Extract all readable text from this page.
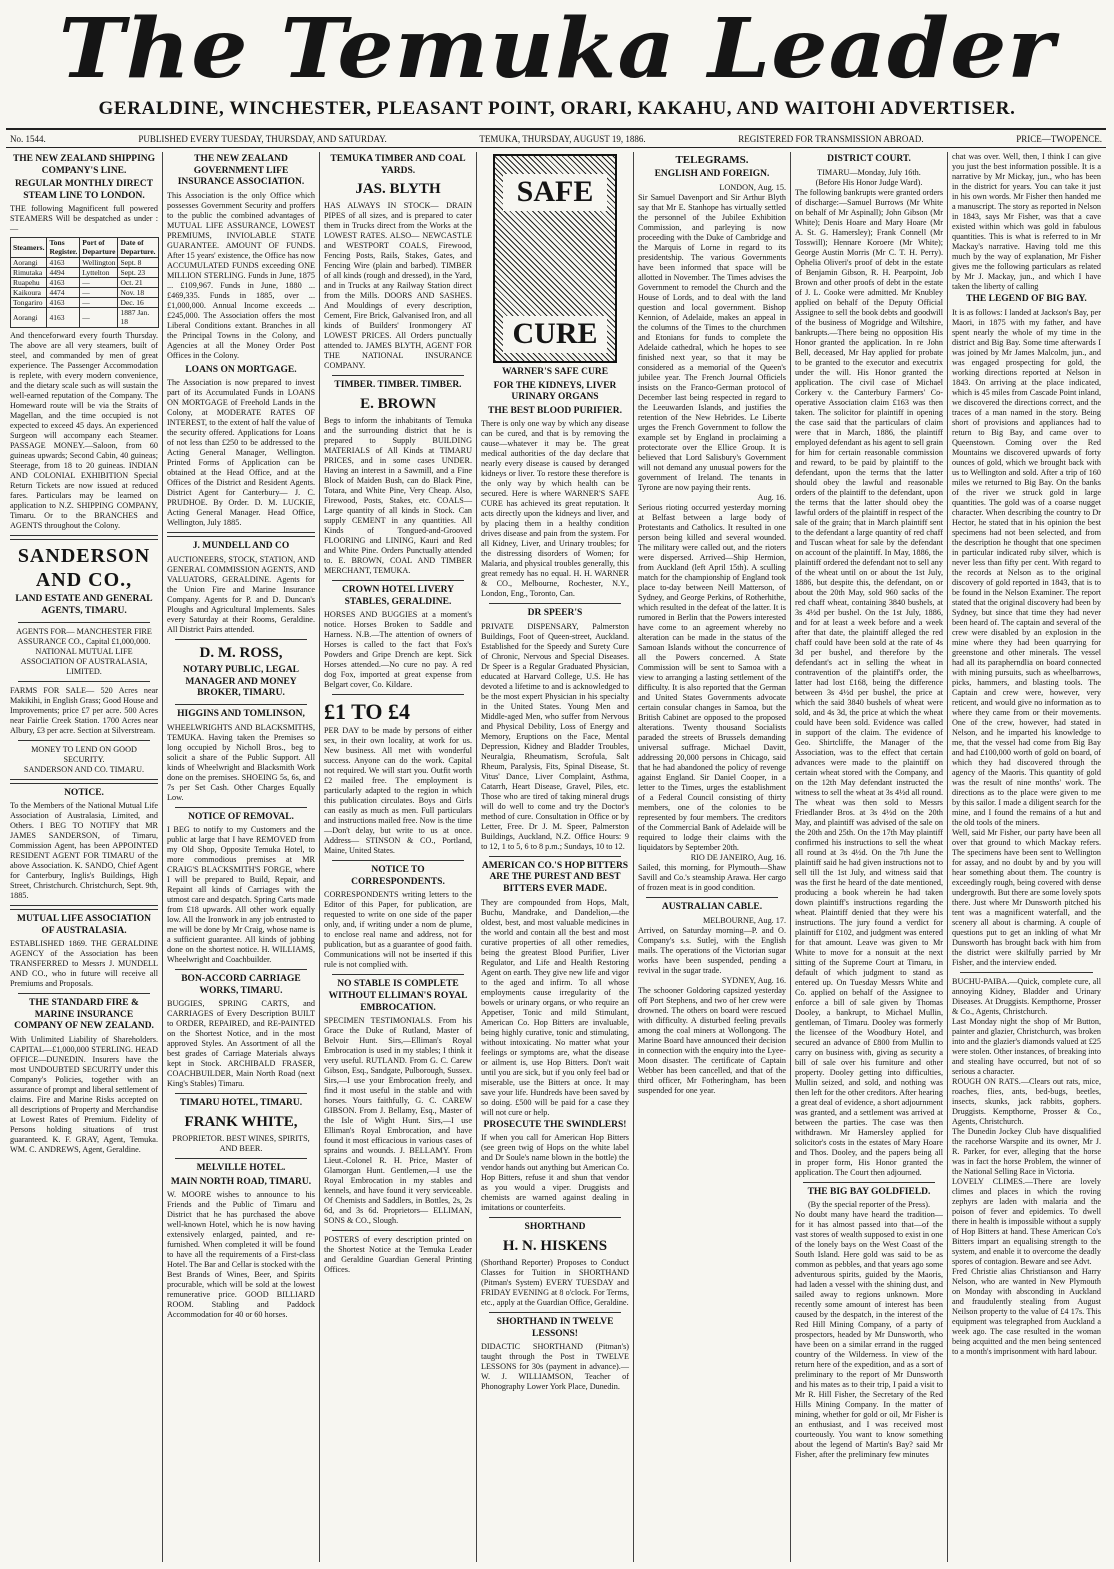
The Temuka Leader
GERALDINE, WINCHESTER, PLEASANT POINT, ORARI, KAKAHU, AND WAITOHI ADVERTISER.
No. 1544.	PUBLISHED EVERY TUESDAY, THURSDAY, AND SATURDAY.	TEMUKA, THURSDAY, AUGUST 19, 1886.	REGISTERED FOR TRANSMISSION ABROAD.	PRICE—TWOPENCE.
THE NEW ZEALAND SHIPPING COMPANY'S LINE.
REGULAR MONTHLY DIRECT STEAM LINE TO LONDON.
THE following Magnificent full powered STEAMERS Will be despatched as under :—
Steamers.	Tons Register.	Port of Departure	Date of Departure.
Aorangi	4163	Wellington	Sept. 8
Rimutaka	4494	Lyttelton	Sept. 23
Ruapehu	4163	—	Oct. 21
Kaikoura	4474	—	Nov. 18
Tongariro	4163	—	Dec. 16
Aorangi	4163	—	1887 Jan. 18
And thenceforward every fourth Thursday. The above are all very steamers, built of steel, and commanded by men of great experience. The Passenger Accommodation is replete, with every modern convenience, and the dietary scale such as will sustain the well-earned reputation of the Company. The Homeward route will be via the Straits of Magellan, and the time occupied is not expected to exceed 45 days. An experienced Surgeon will accompany each Steamer. PASSAGE MONEY.—Saloon, from 60 guineas upwards; Second Cabin, 40 guineas; Steerage, from 18 to 20 guineas. INDIAN AND COLONIAL EXHIBITION Special Return Tickets are now issued at reduced fares. Particulars may be learned on application to N.Z. SHIPPING COMPANY, Timaru. Or to the BRANCHES and AGENTS throughout the Colony.
SANDERSON AND CO.,
LAND ESTATE AND GENERAL AGENTS, TIMARU.
AGENTS FOR— MANCHESTER FIRE ASSURANCE CO., Capital £1,000,000. NATIONAL MUTUAL LIFE ASSOCIATION OF AUSTRALASIA, LIMITED.
FARMS FOR SALE— 520 Acres near Makikihi, in English Grass; Good House and Improvements; price £7 per acre. 500 Acres near Fairlie Creek Station. 1700 Acres near Albury, £3 per acre. Section at Silverstream.
MONEY TO LEND ON GOOD SECURITY.
SANDERSON AND CO. TIMARU.
NOTICE.
To the Members of the National Mutual Life Association of Australasia, Limited, and Others. I BEG TO NOTIFY that MR JAMES SANDERSON, of Timaru, Commission Agent, has been APPOINTED RESIDENT AGENT FOR TIMARU of the above Association. K. SANDO, Chief Agent for Canterbury, Inglis's Buildings, High Street, Christchurch. Christchurch, Sept. 9th, 1885.
MUTUAL LIFE ASSOCIATION OF AUSTRALASIA.
ESTABLISHED 1869. THE GERALDINE AGENCY of the Association has been TRANSFERRED to Messrs J. MUNDELL AND CO., who in future will receive all Premiums and Proposals.
THE STANDARD FIRE & MARINE INSURANCE COMPANY OF NEW ZEALAND.
With Unlimited Liability of Shareholders. CAPITAL—£1,000,000 STERLING. HEAD OFFICE—DUNEDIN. Insurers have the most UNDOUBTED SECURITY under this Company's Policies, together with an assurance of prompt and liberal settlement of claims. Fire and Marine Risks accepted on all descriptions of Property and Merchandise at Lowest Rates of Premium. Fidelity of Persons holding situations of trust guaranteed. K. F. GRAY, Agent, Temuka. WM. C. ANDREWS, Agent, Geraldine.
THE NEW ZEALAND GOVERNMENT LIFE INSURANCE ASSOCIATION.
This Association is the only Office which possesses Government Security and proffers to the public the combined advantages of MUTUAL LIFE ASSURANCE, LOWEST PREMIUMS, INVIOLABLE STATE GUARANTEE. AMOUNT OF FUNDS. After 15 years' existence, the Office has now ACCUMULATED FUNDS exceeding ONE MILLION STERLING. Funds in June, 1875 ... £109,967. Funds in June, 1880 ... £469,335. Funds in 1885, over ... £1,000,000. Annual Income exceeds ... £245,000. The Association offers the most Liberal Conditions extant. Branches in all the Principal Towns in the Colony, and Agencies at all the Money Order Post Offices in the Colony.
LOANS ON MORTGAGE.
The Association is now prepared to invest part of its Accumulated Funds in LOANS ON MORTGAGE of Freehold Lands in the Colony, at MODERATE RATES OF INTEREST, to the extent of half the value of the security offered. Applications for Loans of not less than £250 to be addressed to the Acting General Manager, Wellington. Printed Forms of Application can be obtained at the Head Office, and at the Offices of the District and Resident Agents. District Agent for Canterbury— J. C. PRUDHOE. By Order. D. M. LUCKIE, Acting General Manager. Head Office, Wellington, July 1885.
J. MUNDELL AND CO
AUCTIONEERS, STOCK, STATION, AND GENERAL COMMISSION AGENTS, AND VALUATORS, GERALDINE. Agents for the Union Fire and Marine Insurance Company. Agents for P. and D. Duncan's Ploughs and Agricultural Implements. Sales every Saturday at their Rooms, Geraldine. All District Pairs attended.
D. M. ROSS,
NOTARY PUBLIC, LEGAL MANAGER AND MONEY BROKER, TIMARU.
HIGGINS AND TOMLINSON,
WHEELWRIGHTS AND BLACKSMITHS, TEMUKA. Having taken the Premises so long occupied by Nicholl Bros., beg to solicit a share of the Public Support. All kinds of Wheelwright and Blacksmith Work done on the premises. SHOEING 5s, 6s, and 7s per Set Cash. Other Charges Equally Low.
NOTICE OF REMOVAL.
I BEG to notify to my Customers and the public at large that I have REMOVED from my Old Shop, Opposite Temuka Hotel, to more commodious premises at MR CRAIG'S BLACKSMITH'S FORGE, where I will be prepared to Build, Repair, and Repaint all kinds of Carriages with the utmost care and despatch. Spring Carts made from £18 upwards. All other work equally low. All the Ironwork in any job entrusted to me will be done by Mr Craig, whose name is a sufficient guarantee. All kinds of jobbing done on the shortest notice. H. WILLIAMS, Wheelwright and Coachbuilder.
BON-ACCORD CARRIAGE WORKS, TIMARU.
BUGGIES, SPRING CARTS, and CARRIAGES of Every Description BUILT to ORDER, REPAIRED, and RE-PAINTED on the Shortest Notice, and in the most approved Styles. An Assortment of all the best grades of Carriage Materials always kept in Stock. ARCHIBALD FRASER, COACHBUILDER, Main North Road (next King's Stables) Timaru.
TIMARU HOTEL, TIMARU.
FRANK WHITE,
PROPRIETOR. BEST WINES, SPIRITS, AND BEER.
MELVILLE HOTEL.
MAIN NORTH ROAD, TIMARU.
W. MOORE wishes to announce to his Friends and the Public of Timaru and District that he has purchased the above well-known Hotel, which he is now having extensively enlarged, painted, and re-furnished. When completed it will be found to have all the requirements of a First-class Hotel. The Bar and Cellar is stocked with the Best Brands of Wines, Beer, and Spirits procurable, which will be sold at the lowest remunerative price. GOOD BILLIARD ROOM. Stabling and Paddock Accommodation for 40 or 60 horses.
TEMUKA TIMBER AND COAL YARDS.
JAS. BLYTH
HAS ALWAYS IN STOCK— DRAIN PIPES of all sizes, and is prepared to cater them in Trucks direct from the Works at the LOWEST RATES. ALSO— NEWCASTLE and WESTPORT COALS, Firewood, Fencing Posts, Rails, Stakes, Gates, and Fencing Wire (plain and barbed). TIMBER of all kinds (rough and dressed), in the Yard, and in Trucks at any Railway Station direct from the Mills. DOORS AND SASHES. And Mouldings of every description, Cement, Fire Brick, Galvanised Iron, and all kinds of Builders' Ironmongery AT LOWEST PRICES. All Orders punctually attended to. JAMES BLYTH, AGENT FOR THE NATIONAL INSURANCE COMPANY.
TIMBER. TIMBER. TIMBER.
E. BROWN
Begs to inform the inhabitants of Temuka and the surrounding district that he is prepared to Supply BUILDING MATERIALS of All Kinds at TIMARU PRICES, and in some cases UNDER. Having an interest in a Sawmill, and a Fine Block of Maiden Bush, can do Black Pine, Totara, and White Pine, Very Cheap. Also, Firewood, Posts, Stakes, etc. COALS—Large quantity of all kinds in Stock. Can supply CEMENT in any quantities. All Kinds of Tongued-and-Grooved FLOORING and LINING, Kauri and Red and White Pine. Orders Punctually attended to. E. BROWN, COAL AND TIMBER MERCHANT, TEMUKA.
CROWN HOTEL LIVERY STABLES, GERALDINE.
HORSES AND BUGGIES at a moment's notice. Horses Broken to Saddle and Harness. N.B.—The attention of owners of Horses is called to the fact that Fox's Powders and Gripe Drench are kept. Sick Horses attended.—No cure no pay. A red dog Fox, imported at great expense from Belgart cover, Co. Kildare.
£1 TO £4
PER DAY to be made by persons of either sex, in their own locality, at work for us. New business. All met with wonderful success. Anyone can do the work. Capital not required. We will start you. Outfit worth £2 mailed free. The employment is particularly adapted to the region in which this publication circulates. Boys and Girls can easily as much as men. Full particulars and instructions mailed free. Now is the time—Don't delay, but write to us at once. Address— STINSON & CO., Portland, Maine, United States.
NOTICE TO CORRESPONDENTS.
CORRESPONDENTS writing letters to the Editor of this Paper, for publication, are requested to write on one side of the paper only, and, if writing under a nom de plume, to enclose real name and address, not for publication, but as a guarantee of good faith. Communications will not be inserted if this rule is not complied with.
NO STABLE IS COMPLETE WITHOUT ELLIMAN'S ROYAL EMBROCATION.
SPECIMEN TESTIMONIALS. From his Grace the Duke of Rutland, Master of Belvoir Hunt. Sirs,—Elliman's Royal Embrocation is used in my stables; I think it very useful. RUTLAND. From G. C. Carew Gibson, Esq., Sandgate, Pulborough, Sussex. Sirs,—I use your Embrocation freely, and find it most useful in the stable and with horses. Yours faithfully, G. C. CAREW GIBSON. From J. Bellamy, Esq., Master of the Isle of Wight Hunt. Sirs,—I use Elliman's Royal Embrocation, and have found it most efficacious in various cases of sprains and wounds. J. BELLAMY. From Lieut.-Colonel R. H. Price, Master of Glamorgan Hunt. Gentlemen,—I use the Royal Embrocation in my stables and kennels, and have found it very serviceable. Of Chemists and Saddlers, in Bottles, 2s, 2s 6d, and 3s 6d. Proprietors— ELLIMAN, SONS & CO., Slough.
POSTERS of every description printed on the Shortest Notice at the Temuka Leader and Geraldine Guardian General Printing Offices.
SAFE
CURE
WARNER'S SAFE CURE
FOR THE KIDNEYS, LIVER URINARY ORGANS
THE BEST BLOOD PURIFIER.
There is only one way by which any disease can be cured, and that is by removing the cause—whatever it may be. The great medical authorities of the day declare that nearly every disease is caused by deranged kidneys or liver. To restore these therefore is the only way by which health can be secured. Here is where WARNER'S SAFE CURE has achieved its great reputation. It acts directly upon the kidneys and liver, and by placing them in a healthy condition drives disease and pain from the system. For all Kidney, Liver, and Urinary troubles; for the distressing disorders of Women; for Malaria, and physical troubles generally, this great remedy has no equal. H. H. WARNER & CO., Melbourne, Rochester, N.Y., London, Eng., Toronto, Can.
DR SPEER'S
PRIVATE DISPENSARY, Palmerston Buildings, Foot of Queen-street, Auckland. Established for the Speedy and Surety Cure of Chronic, Nervous and Special Diseases. Dr Speer is a Regular Graduated Physician, educated at Harvard College, U.S. He has devoted a lifetime to and is acknowledged to be the most expert Physician in his specialty in the United States. Young Men and Middle-aged Men, who suffer from Nervous and Physical Debility, Loss of Energy and Memory, Eruptions on the Face, Mental Depression, Kidney and Bladder Troubles, Neuralgia, Rheumatism, Scrofula, Salt Rheum, Paralysis, Fits, Spinal Disease, St. Vitus' Dance, Liver Complaint, Asthma, Catarrh, Heart Disease, Gravel, Piles, etc. Those who are tired of taking mineral drugs will do well to come and try the Doctor's method of cure. Consultation in Office or by Letter, Free. Dr J. M. Speer, Palmerston Buildings, Auckland, N.Z. Office Hours: 9 to 12, 1 to 5, 6 to 8 p.m.; Sundays, 10 to 12.
AMERICAN CO.'S HOP BITTERS ARE THE PUREST AND BEST BITTERS EVER MADE.
They are compounded from Hops, Malt, Buchu, Mandrake, and Dandelion,—the oldest, best, and most valuable medicines in the world and contain all the best and most curative properties of all other remedies, being the greatest Blood Purifier, Liver Regulator, and Life and Health Restoring Agent on earth. They give new life and vigor to the aged and infirm. To all whose employments cause irregularity of the bowels or urinary organs, or who require an Appetiser, Tonic and mild Stimulant, American Co. Hop Bitters are invaluable, being highly curative, tonic and stimulating, without intoxicating. No matter what your feelings or symptoms are, what the disease or ailment is, use Hop Bitters. Don't wait until you are sick, but if you only feel bad or miserable, use the Bitters at once. It may save your life. Hundreds have been saved by so doing. £500 will be paid for a case they will not cure or help.
PROSECUTE THE SWINDLERS!
If when you call for American Hop Bitters (see green twig of Hops on the white label and Dr Soule's name blown in the bottle) the vendor hands out anything but American Co. Hop Bitters, refuse it and shun that vendor as you would a viper. Druggists and chemists are warned against dealing in imitations or counterfeits.
SHORTHAND
H. N. HISKENS
(Shorthand Reporter) Proposes to Conduct Classes for Tuition in SHORTHAND (Pitman's System) EVERY TUESDAY and FRIDAY EVENING at 8 o'clock. For Terms, etc., apply at the Guardian Office, Geraldine.
SHORTHAND IN TWELVE LESSONS!
DIDACTIC SHORTHAND (Pitman's) taught through the Post in TWELVE LESSONS for 30s (payment in advance).—W. J. WILLIAMSON, Teacher of Phonography Lower York Place, Dunedin.
TELEGRAMS.
ENGLISH AND FOREIGN.
LONDON, Aug. 15.
Sir Samuel Davenport and Sir Arthur Blyth say that Mr E. Stanhope has virtually settled the personnel of the Jubilee Exhibition Commission, and parleying is now proceeding with the Duke of Cambridge and the Marquis of Lorne in regard to its presidentship. The various Governments have been informed that space will be allotted in November. The Times advises the Government to remodel the Church and the House of Lords, and to deal with the land question and local government. Bishop Kennion, of Adelaide, makes an appeal in the columns of the Times to the churchmen and Etonians for funds to complete the Adelaide cathedral, which he hopes to see finished next year, so that it may be considered as a memorial of the Queen's jubilee year. The French Journal Officiels insists on the Franco-German protocol of December last being respected in regard to the Leeuwarden Islands, and justifies the retention of the New Hebrides. Le Liberte urges the French Government to follow the example set by England in proclaiming a protectorate over the Ellice Group. It is believed that Lord Salisbury's Government will not demand any unusual powers for the government of Ireland. The tenants in Tyrone are now paying their rents.
Aug. 16.
Serious rioting occurred yesterday morning at Belfast between a large body of Protestants and Catholics. It resulted in one person being killed and several wounded. The military were called out, and the rioters were dispersed. Arrived—Ship Hermion, from Auckland (left April 15th). A sculling match for the championship of England took place to-day between Neill Matterson, of Sydney, and George Perkins, of Rotherhithe, which resulted in the defeat of the latter. It is rumored in Berlin that the Powers interested have come to an agreement whereby no alteration can be made in the status of the Samoan Islands without the concurrence of all the Powers concerned. A State Commission will be sent to Samoa with a view to arranging a lasting settlement of the difficulty. It is also reported that the German and United States Governments advocate certain consular changes in Samoa, but the British Cabinet are opposed to the proposed alterations. Twenty thousand Socialists paraded the streets of Brussels demanding universal suffrage. Michael Davitt, addressing 20,000 persons in Chicago, said that he had abandoned the policy of revenge against England. Sir Daniel Cooper, in a letter to the Times, urges the establishment of a Federal Council consisting of thirty members, one of the colonies to be represented by four members. The creditors of the Commercial Bank of Adelaide will be required to lodge their claims with the liquidators by September 20th.
RIO DE JANEIRO, Aug. 16.
Sailed, this morning, for Plymouth—Shaw Savill and Co.'s steamship Arawa. Her cargo of frozen meat is in good condition.
AUSTRALIAN CABLE.
MELBOURNE, Aug. 17.
Arrived, on Saturday morning—P. and O. Company's s.s. Sutlej, with the English mails. The operations of the Victorian sugar works have been suspended, pending a revival in the sugar trade.
SYDNEY, Aug. 16.
The schooner Goldoring capsized yesterday off Port Stephens, and two of her crew were drowned. The others on board were rescued with difficulty. A disturbed feeling prevails among the coal miners at Wollongong. The Marine Board have announced their decision in connection with the enquiry into the Lyee-Moon disaster. The certificate of Captain Webber has been cancelled, and that of the third officer, Mr Fotheringham, has been suspended for one year.
DISTRICT COURT.
TIMARU—Monday, July 16th.
(Before His Honor Judge Ward).
The following bankrupts were granted orders of discharge:—Samuel Burrows (Mr White on behalf of Mr Aspinall); John Gibson (Mr White); Denis Hoare and Mary Hoare (Mr A. St. G. Hamersley); Frank Connell (Mr Tosswill); Hennare Koroere (Mr White); George Austin Morris (Mr C. T. H. Perry). Ophelia Oliveri's proof of debt in the estate of Benjamin Gibson, R. H. Pearpoint, Job Brown and other proofs of debt in the estate of J. L. Cooke were admitted. Mr Knubley applied on behalf of the Deputy Official Assignee to sell the book debts and goodwill of the business of Mogridge and Wiltshire, bankrupts.—There being no opposition His Honor granted the application. In re John Bell, deceased, Mr Hay applied for probate to be granted to the executor and executrix under the will. His Honor granted the application. The civil case of Michael Corkery v. the Canterbury Farmers' Co-operative Association claim £163 was then taken. The solicitor for plaintiff in opening the case said that the particulars of claim were that in March, 1886, the plaintiff employed defendant as his agent to sell grain for him for certain reasonable commission and reward, to be paid by plaintiff to the defendant, upon the terms that the latter should obey the lawful and reasonable orders of the plaintiff to the defendant, upon the terms that the latter should obey the lawful orders of the plaintiff in respect of the sale of the grain; that in March plaintiff sent to the defendant a large quantity of red chaff and Tuscan wheat for sale by the defendant on account of the plaintiff. In May, 1886, the plaintiff ordered the defendant not to sell any of the wheat until on or about the 1st July, 1886, but despite this, the defendant, on or about the 20th May, sold 960 sacks of the red chaff wheat, containing 3840 bushels, at 3s 4½d per bushel. On the 1st July, 1886, and for at least a week before and a week after that date, the plaintiff alleged the red chaff could have been sold at the rate of 4s 3d per bushel, and therefore by the defendant's act in selling the wheat in contravention of the plaintiff's order, the latter had lost £168, being the difference between 3s 4½d per bushel, the price at which the said 3840 bushels of wheat were sold, and 4s 3d, the price at which the wheat could have been sold. Evidence was called in support of the claim. The evidence of Geo. Shirtcliffe, the Manager of the Association, was to the effect that certain advances were made to the plaintiff on certain wheat stored with the Company, and on the 12th May defendant instructed the witness to sell the wheat at 3s 4½d all round. The wheat was then sold to Messrs Friedlander Bros. at 3s 4½d on the 20th May, and plaintiff was advised of the sale on the 20th and 25th. On the 17th May plaintiff confirmed his instructions to sell the wheat all round at 3s 4½d. On the 7th June the plaintiff said he had given instructions not to sell till the 1st July, and witness said that was the first he heard of the date mentioned, producing a book wherein he had taken down plaintiff's instructions regarding the wheat. Plaintiff denied that they were his instructions. The jury found a verdict for plaintiff for £102, and judgment was entered for that amount. Leave was given to Mr White to move for a nonsuit at the next sitting of the Supreme Court at Timaru, in default of which judgment to stand as entered up. On Tuesday Messrs White and Co. applied on behalf of the Assignee to enforce a bill of sale given by Thomas Dooley, a bankrupt, to Michael Mullin, gentleman, of Timaru. Dooley was formerly the licensee of the Woodbury Hotel, and secured an advance of £800 from Mullin to carry on business with, giving as security a bill of sale over his furniture and other property. Dooley getting into difficulties, Mullin seized, and sold, and nothing was then left for the other creditors. After hearing a great deal of evidence, a short adjournment was granted, and a settlement was arrived at between the parties. The case was then withdrawn. Mr Hamersley applied for solicitor's costs in the estates of Mary Hoare and Thos. Dooley, and the papers being all in proper form, His Honor granted the application. The Court then adjourned.
THE BIG BAY GOLDFIELD.
(By the special reporter of the Press).
No doubt many have heard the tradition—for it has almost passed into that—of the vast stores of wealth supposed to exist in one of the lonely bays on the West Coast of the South Island. Here gold was said to be as common as pebbles, and that years ago some adventurous spirits, guided by the Maoris, had laden a vessel with the shining dust, and sailed away to regions unknown. More recently some amount of interest has been caused by the despatch, in the interest of the Red Hill Mining Company, of a party of prospectors, headed by Mr Dunsworth, who have been on a similar errand in the rugged country of the Wilderness. In view of the return here of the expedition, and as a sort of preliminary to the report of Mr Dunsworth and his mates as to their trip, I paid a visit to Mr R. Hill Fisher, the Secretary of the Red Hills Mining Company. In the matter of mining, whether for gold or oil, Mr Fisher is an enthusiast, and I was received most courteously. You want to know something about the legend of Martin's Bay? said Mr Fisher, after the preliminary few minutes
chat was over. Well, then, I think I can give you just the best information possible. It is a narrative by Mr Mickay, jun., who has been in the district for years. You can take it just in his own words. Mr Fisher then handed me a manuscript. The story as reported in Nelson in 1843, says Mr Fisher, was that a cave existed within which was gold in fabulous quantities. This is what is referred to in Mr Mackay's narrative. Having told me this much by the way of explanation, Mr Fisher gives me the following particulars as related by Mr J. Mackay, jun., and which I have taken the liberty of calling
THE LEGEND OF BIG BAY.
It is as follows: I landed at Jackson's Bay, per Maori, in 1875 with my father, and have spent nearly the whole of my time in the district and Big Bay. Some time afterwards I was joined by Mr James Malcolm, jun., and was engaged prospecting for gold, the working directions reported at Nelson in 1843. On arriving at the place indicated, which is 45 miles from Cascade Point inland, we discovered the directions correct, and the traces of a man named in the story. Being short of provisions and appliances had to return to Big Bay, and came over to Queenstown. Coming over the Red Mountains we discovered upwards of forty ounces of gold, which we brought back with us to Wellington and sold. After a trip of 160 miles we returned to Big Bay. On the banks of the river we struck gold in large quantities. The gold was of a coarse nugget character. When describing the country to Dr Hector, he stated that in his opinion the best specimens had not been selected, and from the description he thought that one specimen in particular indicated ruby silver, which is never less than fifty per cent. With regard to the records at Nelson as to the original discovery of gold reported in 1843, that is to be found in the Nelson Examiner. The report stated that the original discovery had been by Sydney, but since that time they had never been heard of. The captain and several of the crew were disabled by an explosion in the mine where they had been quarrying for greenstone and other minerals. The vessel had all its parapherndlia on board connected with mining pursuits, such as wheelbarrows, picks, hammers, and blasting tools. The Captain and crew were, however, very reticent, and would give no information as to where they came from or their movements. One of the crew, however, had stated in Nelson, and he imparted his knowledge to me, that the vessel had come from Big Bay and had £100,000 worth of gold on board, of which they had discovered through the agency of the Maoris. This quantity of gold was the result of nine months' work. The directions as to the place were given to me by this sailor. I made a diligent search for the mine, and I found the remains of a hut and the old tools of the miners.
Well, said Mr Fisher, our party have been all over that ground to which Mackay refers. The specimens have been sent to Wellington for assay, and no doubt by and by you will hear something about them. The country is exceedingly rough, being covered with dense undergrowth. But there are some lovely spots there. Just where Mr Dunsworth pitched his tent was a magnificent waterfall, and the scenery all about is charming. A couple of questions put to get an inkling of what Mr Dunsworth has brought back with him from the district were skilfully parried by Mr Fisher, and the interview ended.
BUCHU-PAIBA.—Quick, complete cure, all annoying Kidney, Bladder and Urinary Diseases. At Druggists. Kempthorne, Prosser & Co., Agents, Christchurch.
Last Monday night the shop of Mr Button, painter and glazier, Christchurch, was broken into and the glazier's diamonds valued at £25 were stolen. Other instances, of breaking into and stealing have occurred, but not of so serious a character.
ROUGH ON RATS.—Clears out rats, mice, roaches, flies, ants, bed-bugs, beetles, insects, skunks, jack rabbits, gophers. Druggists. Kempthorne, Prosser & Co., Agents, Christchurch.
The Dunedin Jockey Club have disqualified the racehorse Warspite and its owner, Mr J. R. Parker, for ever, alleging that the horse was in fact the horse Problem, the winner of the National Selling Race in Victoria.
LOVELY CLIMES.—There are lovely climes and places in which the roving zephyrs are laden with malaria and the poison of fever and epidemics. To dwell there in health is impossible without a supply of Hop Bitters at hand. These American Co's Bitters impart an equalising strength to the system, and enable it to overcome the deadly spores of contagion. Beware and see Advt.
Fred Christie alias Christianson and Harry Nelson, who are wanted in New Plymouth on Monday with absconding in Auckland and fraudulently stealing from August Neilson property to the value of £4 17s. This equipment was telegraphed from Auckland a week ago. The case resulted in the woman being acquitted and the men being sentenced to a month's imprisonment with hard labour.
